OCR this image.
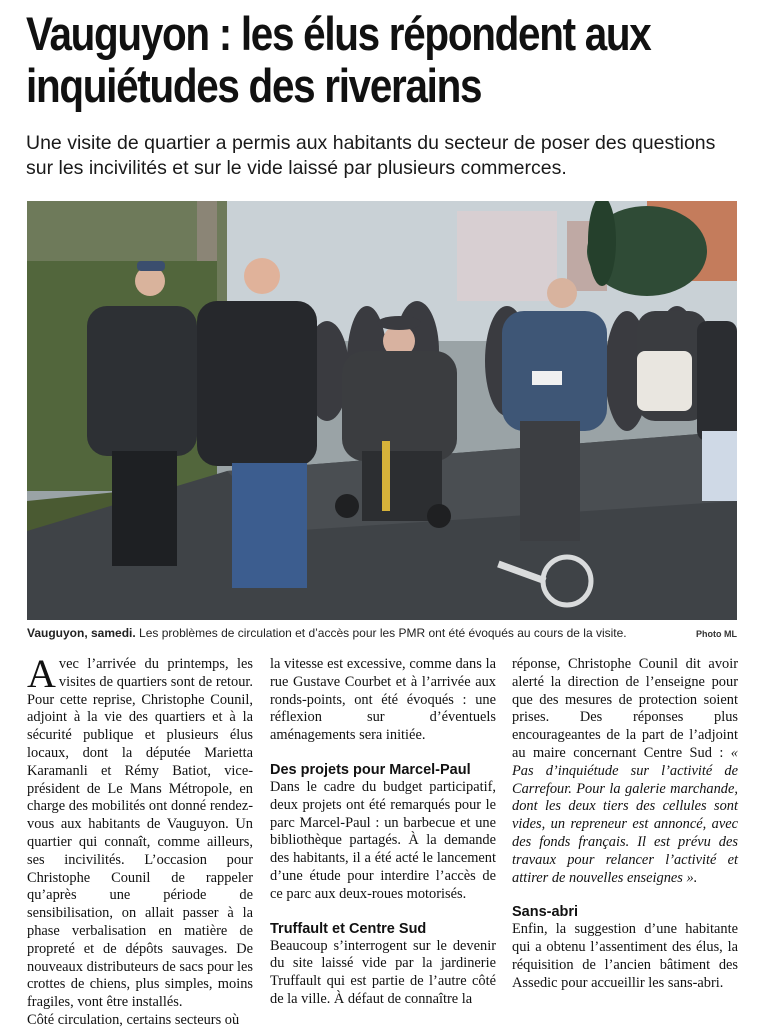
Vauguyon : les élus répondent aux inquiétudes des riverains

Une visite de quartier a permis aux habitants du secteur de poser des questions sur les incivilités et sur le vide laissé par plusieurs commerces.

Vauguyon, samedi. Les problèmes de circulation et d’accès pour les PMR ont été évoqués au cours de la visite.	Photo ML

Avec l’arrivée du printemps, les visites de quartiers sont de retour. Pour cette reprise, Christophe Counil, adjoint à la vie des quartiers et à la sécurité publique et plusieurs élus locaux, dont la députée Marietta Karamanli et Rémy Batiot, vice-président de Le Mans Métropole, en charge des mobilités ont donné rendez-vous aux habitants de Vauguyon. Un quartier qui connaît, comme ailleurs, ses incivilités. L’occasion pour Christophe Counil de rappeler qu’après une période de sensibilisation, on allait passer à la phase verbalisation en matière de propreté et de dépôts sauvages. De nouveaux distributeurs de sacs pour les crottes de chiens, plus simples, moins fragiles, vont être installés.

Côté circulation, certains secteurs où

la vitesse est excessive, comme dans la rue Gustave Courbet et à l’arrivée aux ronds-points, ont été évoqués : une réflexion sur d’éventuels aménagements sera initiée.

Des projets pour Marcel-Paul

Dans le cadre du budget participatif, deux projets ont été remarqués pour le parc Marcel-Paul : un barbecue et une bibliothèque partagés. À la demande des habitants, il a été acté le lancement d’une étude pour interdire l’accès de ce parc aux deux-roues motorisés.

Truffault et Centre Sud

Beaucoup s’interrogent sur le devenir du site laissé vide par la jardinerie Truffault qui est partie de l’autre côté de la ville. À défaut de connaître la

réponse, Christophe Counil dit avoir alerté la direction de l’enseigne pour que des mesures de protection soient prises. Des réponses plus encourageantes de la part de l’adjoint au maire concernant Centre Sud : « Pas d’inquiétude sur l’activité de Carrefour. Pour la galerie marchande, dont les deux tiers des cellules sont vides, un repreneur est annoncé, avec des fonds français. Il est prévu des travaux pour relancer l’activité et attirer de nouvelles enseignes ».

Sans-abri

Enfin, la suggestion d’une habitante qui a obtenu l’assentiment des élus, la réquisition de l’ancien bâtiment des Assedic pour accueillir les sans-abri.
